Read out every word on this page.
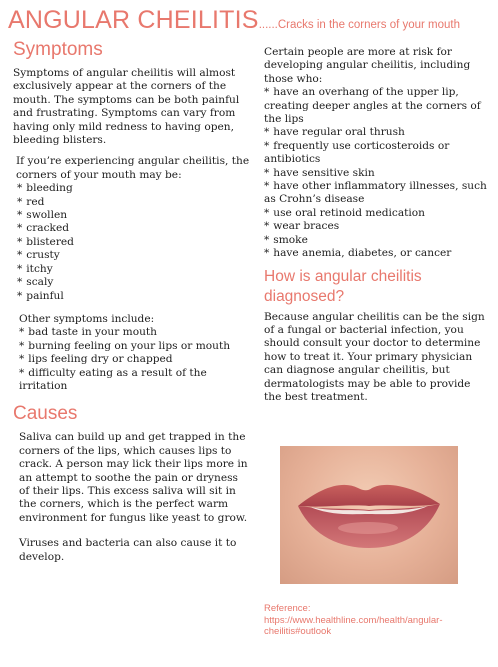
ANGULAR CHEILITIS......Cracks in the corners of your mouth
Symptoms

Symptoms of angular cheilitis will almost exclusively appear at the corners of the mouth. The symptoms can be both painful and frustrating. Symptoms can vary from having only mild redness to having open, bleeding blisters.

If you’re experiencing angular cheilitis, the corners of your mouth may be:

* bleeding
* red
* swollen
* cracked
* blistered
* crusty
* itchy
* scaly
* painful

Other symptoms include:

* bad taste in your mouth
* burning feeling on your lips or mouth
* lips feeling dry or chapped
* difficulty eating as a result of the irritation
Causes

Saliva can build up and get trapped in the corners of the lips, which causes lips to crack. A person may lick their lips more in an attempt to soothe the pain or dryness of their lips. This excess saliva will sit in the corners, which is the perfect warm environment for fungus like yeast to grow.

Viruses and bacteria can also cause it to develop.

Certain people are more at risk for developing angular cheilitis, including those who:

* have an overhang of the upper lip, creating deeper angles at the corners of the lips
* have regular oral thrush
* frequently use corticosteroids or antibiotics
* have sensitive skin
* have other inflammatory illnesses, such as Crohn’s disease
* use oral retinoid medication
* wear braces
* smoke
* have anemia, diabetes, or cancer
How is angular cheilitis diagnosed?

Because angular cheilitis can be the sign of a fungal or bacterial infection, you should consult your doctor to determine how to treat it. Your primary physician can diagnose angular cheilitis, but dermatologists may be able to provide the best treatment.

Reference:
https://www.healthline.com/health/angular-cheilitis#outlook
